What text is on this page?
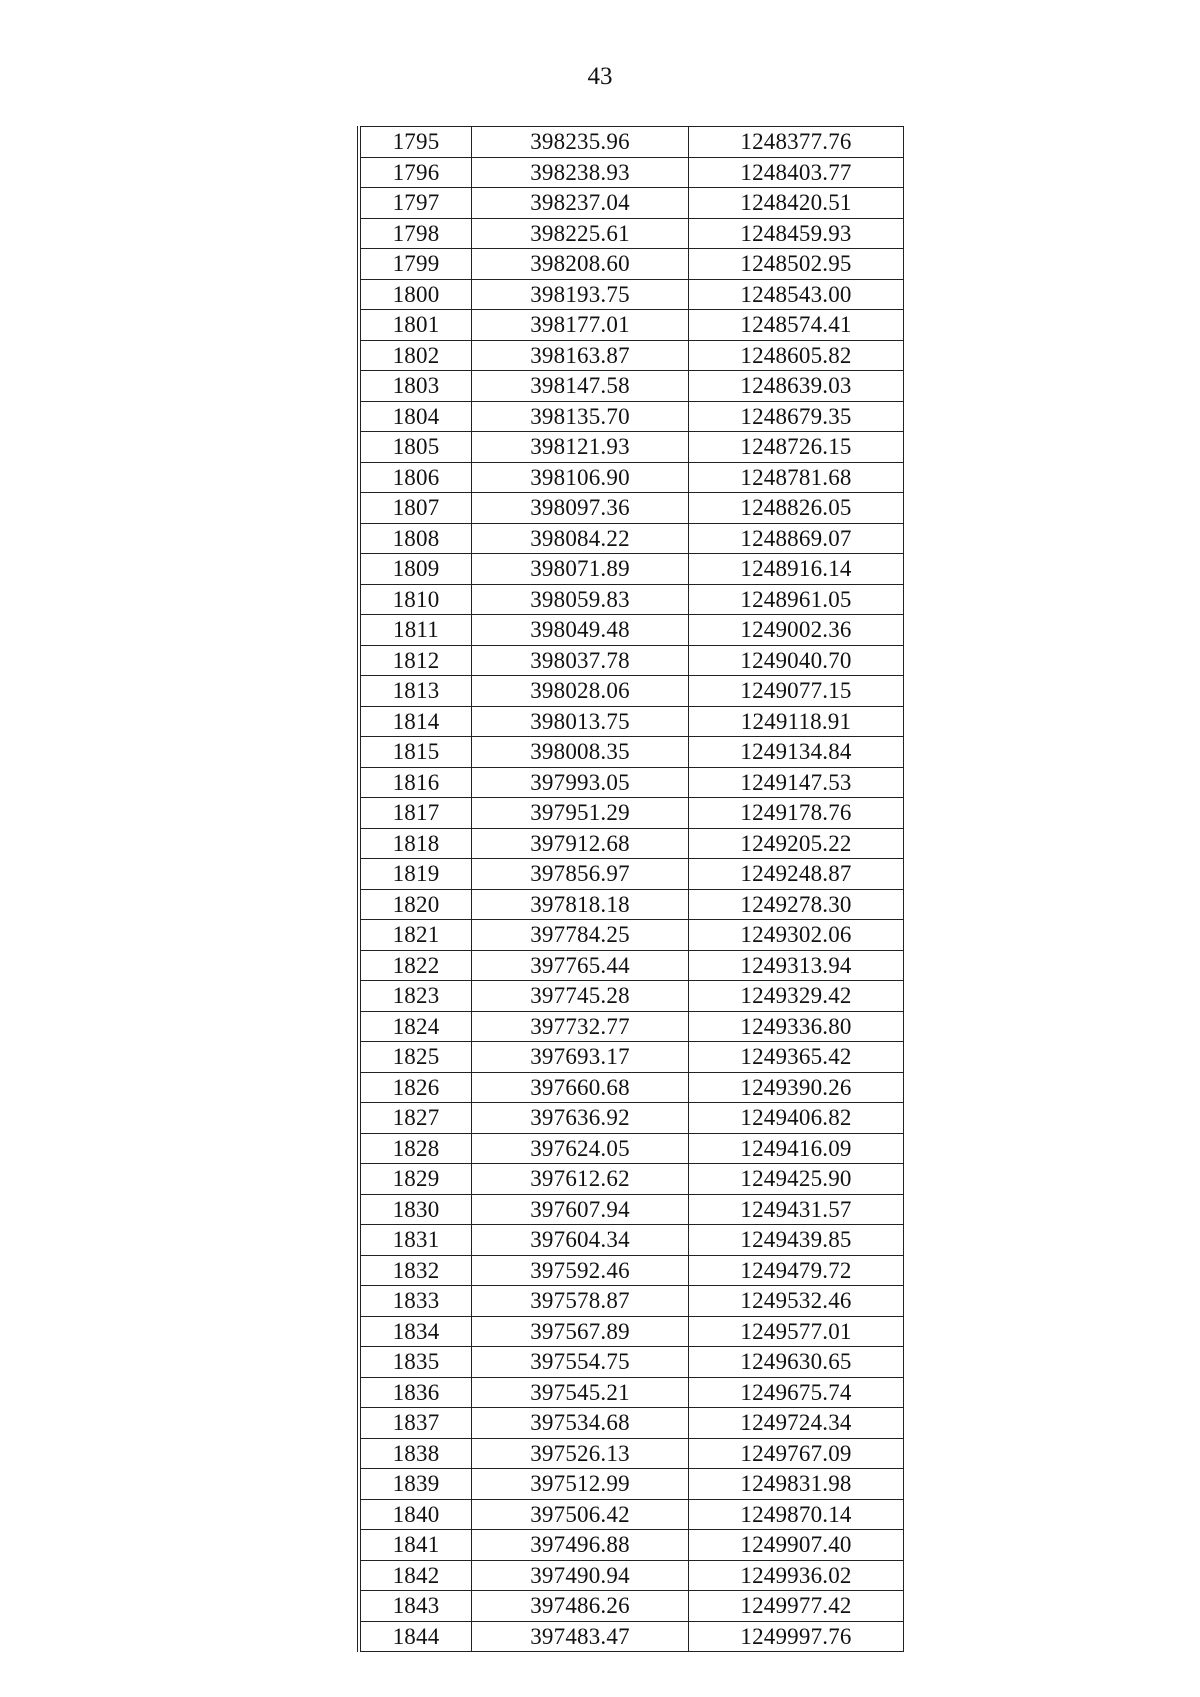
43
1795	398235.96	1248377.76
1796	398238.93	1248403.77
1797	398237.04	1248420.51
1798	398225.61	1248459.93
1799	398208.60	1248502.95
1800	398193.75	1248543.00
1801	398177.01	1248574.41
1802	398163.87	1248605.82
1803	398147.58	1248639.03
1804	398135.70	1248679.35
1805	398121.93	1248726.15
1806	398106.90	1248781.68
1807	398097.36	1248826.05
1808	398084.22	1248869.07
1809	398071.89	1248916.14
1810	398059.83	1248961.05
1811	398049.48	1249002.36
1812	398037.78	1249040.70
1813	398028.06	1249077.15
1814	398013.75	1249118.91
1815	398008.35	1249134.84
1816	397993.05	1249147.53
1817	397951.29	1249178.76
1818	397912.68	1249205.22
1819	397856.97	1249248.87
1820	397818.18	1249278.30
1821	397784.25	1249302.06
1822	397765.44	1249313.94
1823	397745.28	1249329.42
1824	397732.77	1249336.80
1825	397693.17	1249365.42
1826	397660.68	1249390.26
1827	397636.92	1249406.82
1828	397624.05	1249416.09
1829	397612.62	1249425.90
1830	397607.94	1249431.57
1831	397604.34	1249439.85
1832	397592.46	1249479.72
1833	397578.87	1249532.46
1834	397567.89	1249577.01
1835	397554.75	1249630.65
1836	397545.21	1249675.74
1837	397534.68	1249724.34
1838	397526.13	1249767.09
1839	397512.99	1249831.98
1840	397506.42	1249870.14
1841	397496.88	1249907.40
1842	397490.94	1249936.02
1843	397486.26	1249977.42
1844	397483.47	1249997.76
